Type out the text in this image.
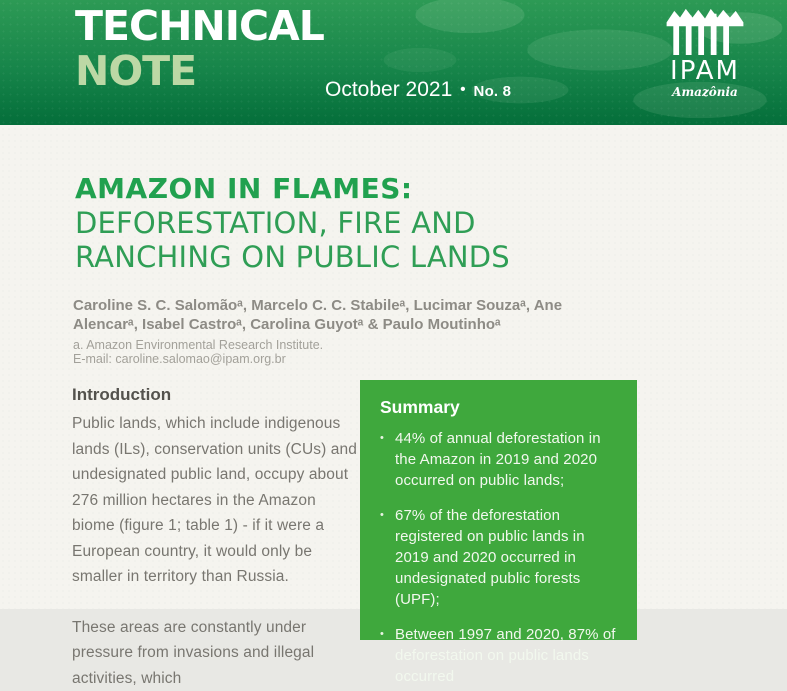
TECHNICAL
NOTE	October 2021 • No. 8
IPAM
Amazônia
AMAZON IN FLAMES:
DEFORESTATION, FIRE AND
RANCHING ON PUBLIC LANDS
Caroline S. C. Salomãoᵃ, Marcelo C. C. Stabileᵃ, Lucimar Souzaᵃ, Ane Alencarᵃ, Isabel Castroᵃ, Carolina Guyotᵃ & Paulo Moutinhoᵃ
a. Amazon Environmental Research Institute.
E-mail: caroline.salomao@ipam.org.br
Introduction

Public lands, which include indigenous lands (ILs), conservation units (CUs) and undesignated public land, occupy about 276 million hectares in the Amazon biome (figure 1; table 1) - if it were a European country, it would only be smaller in territory than Russia.

These areas are constantly under pressure from invasions and illegal activities, which

Summary
• 44% of annual deforestation in the Amazon in 2019 and 2020 occurred on public lands;
• 67% of the deforestation registered on public lands in 2019 and 2020 occurred in undesignated public forests (UPF);
• Between 1997 and 2020, 87% of deforestation on public lands occurred
